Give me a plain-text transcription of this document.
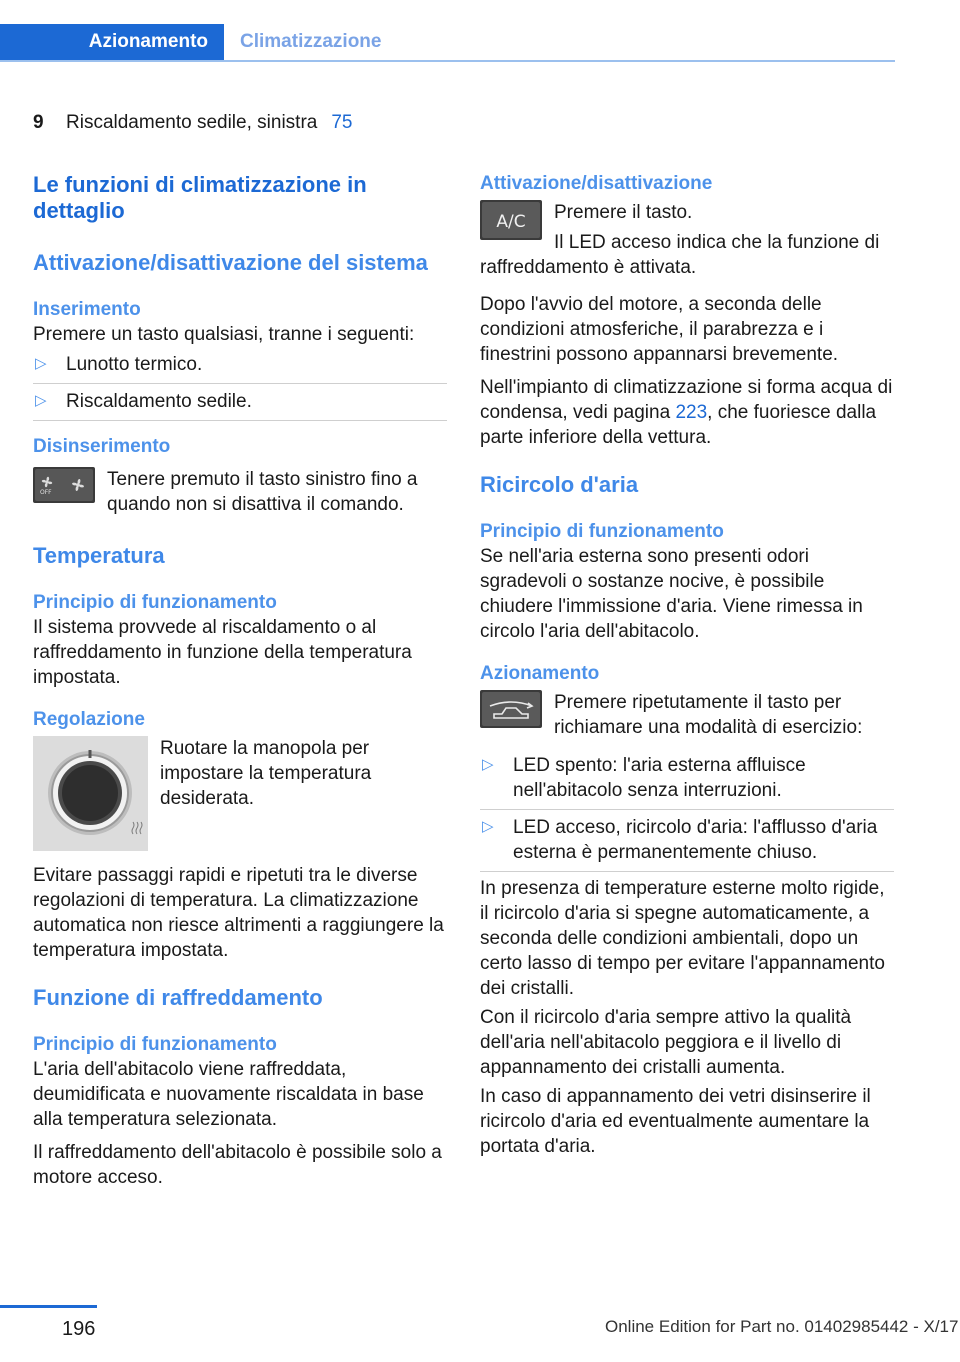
Azionamento	Climatizzazione
9	Riscaldamento sedile, sinistra 75
Le funzioni di climatizzazione in dettaglio
Attivazione/disattivazione del sistema
Inserimento

Premere un tasto qualsiasi, tranne i seguenti:

▷ Lunotto termico.
▷ Riscaldamento sedile.
Disinserimento
OFF

Tenere premuto il tasto sinistro fino a quando non si disattiva il comando.

Temperatura
Principio di funzionamento

Il sistema provvede al riscaldamento o al raffreddamento in funzione della temperatura impostata.

Regolazione

Ruotare la manopola per impostare la temperatura desiderata.

Evitare passaggi rapidi e ripetuti tra le diverse regolazioni di temperatura. La climatizzazione automatica non riesce altrimenti a raggiungere la temperatura impostata.

Funzione di raffreddamento
Principio di funzionamento

L'aria dell'abitacolo viene raffreddata, deumidificata e nuovamente riscaldata in base alla temperatura selezionata.

Il raffreddamento dell'abitacolo è possibile solo a motore acceso.

Attivazione/disattivazione
A/C Premere il tasto.

Il LED acceso indica che la funzione di raffreddamento è attivata.

Dopo l'avvio del motore, a seconda delle condizioni atmosferiche, il parabrezza e i finestrini possono appannarsi brevemente.

Nell'impianto di climatizzazione si forma acqua di condensa, vedi pagina 223, che fuoriesce dalla parte inferiore della vettura.

Ricircolo d'aria
Principio di funzionamento

Se nell'aria esterna sono presenti odori sgradevoli o sostanze nocive, è possibile chiudere l'immissione d'aria. Viene rimessa in circolo l'aria dell'abitacolo.

Azionamento

Premere ripetutamente il tasto per richiamare una modalità di esercizio:

▷ LED spento: l'aria esterna affluisce nell'abitacolo senza interruzioni.
▷ LED acceso, ricircolo d'aria: l'afflusso d'aria esterna è permanentemente chiuso.

In presenza di temperature esterne molto rigide, il ricircolo d'aria si spegne automaticamente, a seconda delle condizioni ambientali, dopo un certo lasso di tempo per evitare l'appannamento dei cristalli.

Con il ricircolo d'aria sempre attivo la qualità dell'aria nell'abitacolo peggiora e il livello di appannamento dei cristalli aumenta.

In caso di appannamento dei vetri disinserire il ricircolo d'aria ed eventualmente aumentare la portata d'aria.

196	Online Edition for Part no. 01402985442 - X/17
